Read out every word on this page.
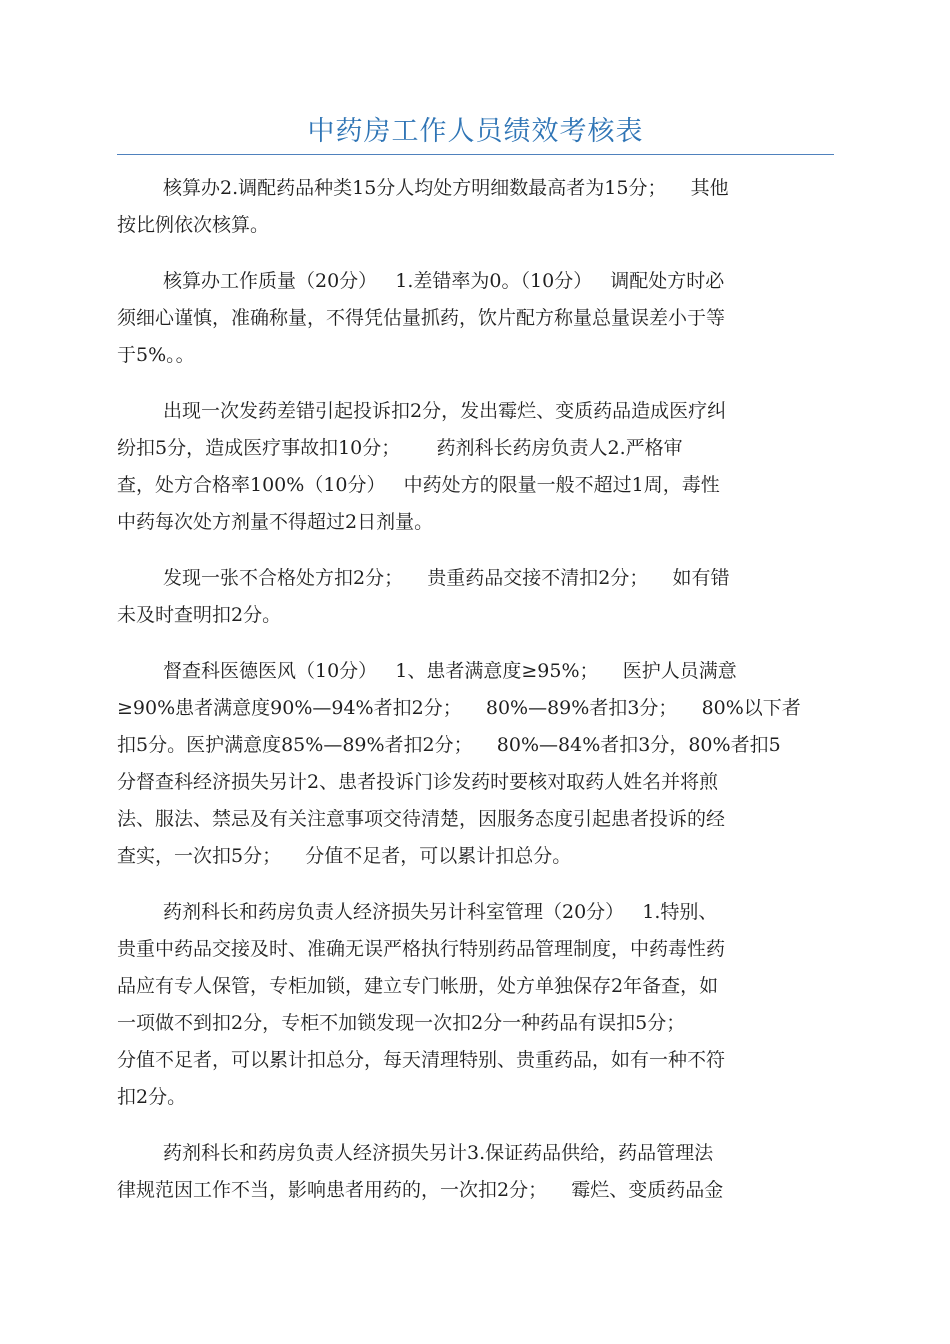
中药房工作人员绩效考核表
核算办2.调配药品种类15分人均处方明细数最高者为15分；    其他
按比例依次核算。
核算办工作质量（20分）   1.差错率为0。（10分）   调配处方时必
须细心谨慎，准确称量，不得凭估量抓药，饮片配方称量总量误差小于等
于5%。。
出现一次发药差错引起投诉扣2分，发出霉烂、变质药品造成医疗纠
纷扣5分，造成医疗事故扣10分；      药剂科长药房负责人2.严格审
查，处方合格率100%（10分）   中药处方的限量一般不超过1周，毒性
中药每次处方剂量不得超过2日剂量。
发现一张不合格处方扣2分；    贵重药品交接不清扣2分；    如有错
未及时查明扣2分。
督查科医德医风（10分）   1、患者满意度≥95%；    医护人员满意
≥90%患者满意度90%—94%者扣2分；    80%—89%者扣3分；    80%以下者
扣5分。医护满意度85%—89%者扣2分；    80%—84%者扣3分，80%者扣5
分督查科经济损失另计2、患者投诉门诊发药时要核对取药人姓名并将煎
法、服法、禁忌及有关注意事项交待清楚，因服务态度引起患者投诉的经
查实，一次扣5分；    分值不足者，可以累计扣总分。
药剂科长和药房负责人经济损失另计科室管理（20分）   1.特别、
贵重中药品交接及时、准确无误严格执行特别药品管理制度，中药毒性药
品应有专人保管，专柜加锁，建立专门帐册，处方单独保存2年备查，如
一项做不到扣2分，专柜不加锁发现一次扣2分一种药品有误扣5分；
分值不足者，可以累计扣总分，每天清理特别、贵重药品，如有一种不符
扣2分。
药剂科长和药房负责人经济损失另计3.保证药品供给，药品管理法
律规范因工作不当，影响患者用药的，一次扣2分；    霉烂、变质药品金
